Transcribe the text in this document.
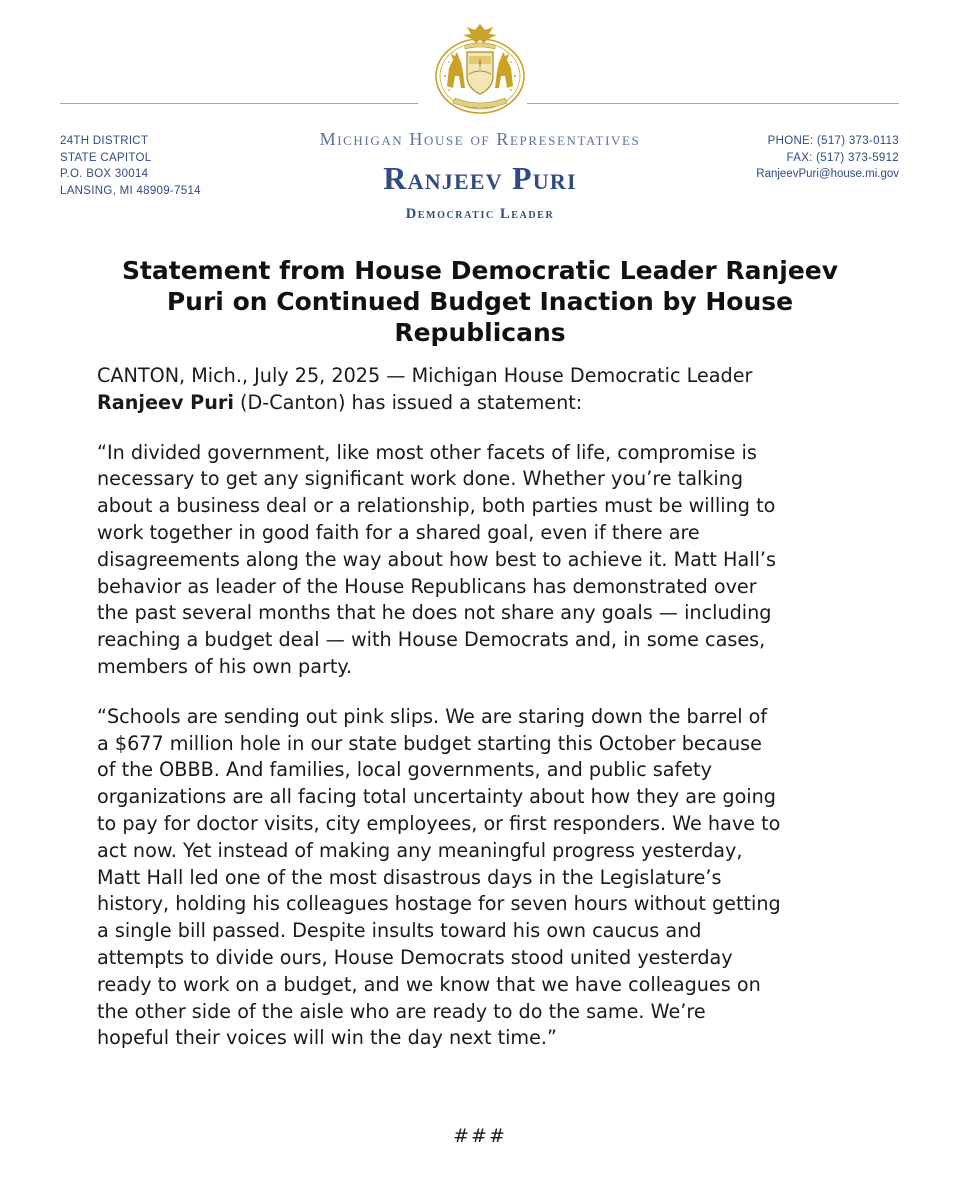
24TH DISTRICT
STATE CAPITOL
P.O. BOX 30014
LANSING, MI 48909-7514
Michigan House of Representatives
Ranjeev Puri
Democratic Leader
PHONE: (517) 373-0113
FAX: (517) 373-5912
RanjeevPuri@house.mi.gov
Statement from House Democratic Leader Ranjeev Puri on Continued Budget Inaction by House Republicans

CANTON, Mich., July 25, 2025 — Michigan House Democratic Leader
Ranjeev Puri (D-Canton) has issued a statement:

“In divided government, like most other facets of life, compromise is
necessary to get any significant work done. Whether you’re talking
about a business deal or a relationship, both parties must be willing to
work together in good faith for a shared goal, even if there are
disagreements along the way about how best to achieve it. Matt Hall’s
behavior as leader of the House Republicans has demonstrated over
the past several months that he does not share any goals — including
reaching a budget deal — with House Democrats and, in some cases,
members of his own party.

“Schools are sending out pink slips. We are staring down the barrel of
a $677 million hole in our state budget starting this October because
of the OBBB. And families, local governments, and public safety
organizations are all facing total uncertainty about how they are going
to pay for doctor visits, city employees, or first responders. We have to
act now. Yet instead of making any meaningful progress yesterday,
Matt Hall led one of the most disastrous days in the Legislature’s
history, holding his colleagues hostage for seven hours without getting
a single bill passed. Despite insults toward his own caucus and
attempts to divide ours, House Democrats stood united yesterday
ready to work on a budget, and we know that we have colleagues on
the other side of the aisle who are ready to do the same. We’re
hopeful their voices will win the day next time.”

###
